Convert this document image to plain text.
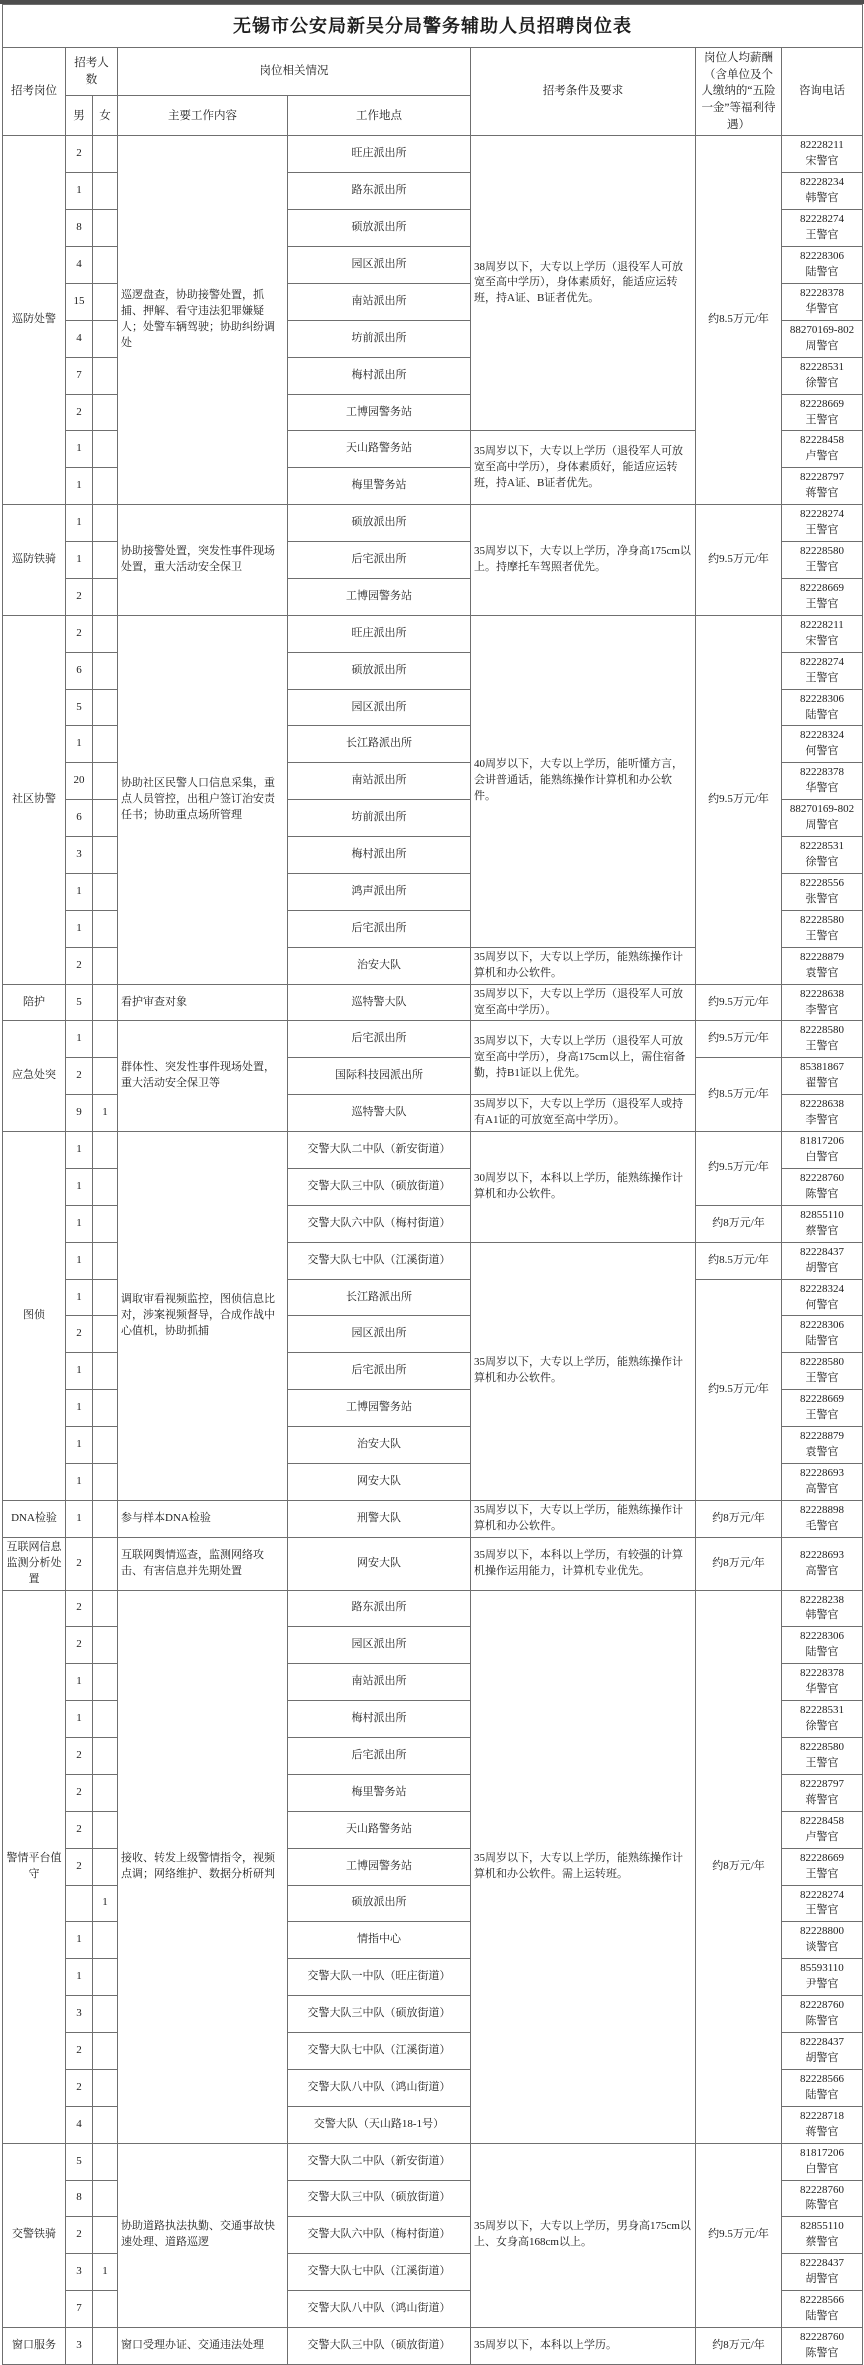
无锡市公安局新吴分局警务辅助人员招聘岗位表							
招考岗位	招考人数		岗位相关情况		招考条件及要求	岗位人均薪酬（含单位及个人缴纳的“五险一金”等福利待遇）	咨询电话
	男	女	主要工作内容	工作地点			
巡防处警	2		巡逻盘查，协助接警处置，抓捕、押解、看守违法犯罪嫌疑人；处警车辆驾驶；协助纠纷调处	旺庄派出所	38周岁以下，大专以上学历（退役军人可放宽至高中学历），身体素质好，能适应运转班，持A证、B证者优先。	约8.5万元/年	82228211
宋警官

	1			路东派出所			82228234
韩警官

	8			硕放派出所			82228274
王警官

	4			园区派出所			82228306
陆警官

	15			南站派出所			82228378
华警官

	4			坊前派出所			88270169-802
周警官

	7			梅村派出所			82228531
徐警官

	2			工博园警务站			82228669
王警官

	1			天山路警务站	35周岁以下，大专以上学历（退役军人可放宽至高中学历），身体素质好，能适应运转班，持A证、B证者优先。		82228458
卢警官

	1			梅里警务站			82228797
蒋警官

巡防铁骑	1		协助接警处置，突发性事件现场处置，重大活动安全保卫	硕放派出所	35周岁以下，大专以上学历，净身高175cm以上。持摩托车驾照者优先。	约9.5万元/年	82228274
王警官

	1			后宅派出所			82228580
王警官

	2			工博园警务站			82228669
王警官

社区协警	2		协助社区民警人口信息采集，重点人员管控，出租户签订治安责任书；协助重点场所管理	旺庄派出所	40周岁以下，大专以上学历，能听懂方言，会讲普通话，能熟练操作计算机和办公软件。	约9.5万元/年	82228211
宋警官

	6			硕放派出所			82228274
王警官

	5			园区派出所			82228306
陆警官

	1			长江路派出所			82228324
何警官

	20			南站派出所			82228378
华警官

	6			坊前派出所			88270169-802
周警官

	3			梅村派出所			82228531
徐警官

	1			鸿声派出所			82228556
张警官

	1			后宅派出所			82228580
王警官

	2			治安大队	35周岁以下，大专以上学历，能熟练操作计算机和办公软件。		82228879
袁警官

陪护	5		看护审查对象	巡特警大队	35周岁以下，大专以上学历（退役军人可放宽至高中学历）。	约9.5万元/年	82228638
李警官

应急处突	1		群体性、突发性事件现场处置，重大活动安全保卫等	后宅派出所	35周岁以下，大专以上学历（退役军人可放宽至高中学历），身高175cm以上，需住宿备勤，持B1证以上优先。	约9.5万元/年	82228580
王警官

	2			国际科技园派出所		约8.5万元/年	85381867
翟警官

	9	1		巡特警大队	35周岁以下，大专以上学历（退役军人或持有A1证的可放宽至高中学历）。		82228638
李警官

图侦	1		调取审看视频监控，图侦信息比对，涉案视频督导，合成作战中心值机，协助抓捕	交警大队二中队（新安街道）	30周岁以下，本科以上学历，能熟练操作计算机和办公软件。	约9.5万元/年	81817206
白警官

	1			交警大队三中队（硕放街道）			82228760
陈警官

	1			交警大队六中队（梅村街道）		约8万元/年	82855110
蔡警官

	1			交警大队七中队（江溪街道）	35周岁以下，大专以上学历，能熟练操作计算机和办公软件。	约8.5万元/年	82228437
胡警官

	1			长江路派出所		约9.5万元/年	82228324
何警官

	2			园区派出所			82228306
陆警官

	1			后宅派出所			82228580
王警官

	1			工博园警务站			82228669
王警官

	1			治安大队			82228879
袁警官

	1			网安大队			82228693
高警官

DNA检验	1		参与样本DNA检验	刑警大队	35周岁以下，大专以上学历，能熟练操作计算机和办公软件。	约8万元/年	82228898
毛警官

互联网信息监测分析处置	2		互联网舆情巡查，监测网络攻击、有害信息并先期处置	网安大队	35周岁以下，本科以上学历，有较强的计算机操作运用能力，计算机专业优先。	约8万元/年	82228693
高警官

警情平台值守	2		接收、转发上级警情指令，视频点调；网络维护、数据分析研判	路东派出所	35周岁以下，大专以上学历，能熟练操作计算机和办公软件。需上运转班。	约8万元/年	82228238
韩警官

	2			园区派出所			82228306
陆警官

	1			南站派出所			82228378
华警官

	1			梅村派出所			82228531
徐警官

	2			后宅派出所			82228580
王警官

	2			梅里警务站			82228797
蒋警官

	2			天山路警务站			82228458
卢警官

	2			工博园警务站			82228669
王警官

		1		硕放派出所			82228274
王警官

	1			情指中心			82228800
谈警官

	1			交警大队一中队（旺庄街道）			85593110
尹警官

	3			交警大队三中队（硕放街道）			82228760
陈警官

	2			交警大队七中队（江溪街道）			82228437
胡警官

	2			交警大队八中队（鸿山街道）			82228566
陆警官

	4			交警大队（天山路18-1号）			82228718
蒋警官

交警铁骑	5		协助道路执法执勤、交通事故快速处理、道路巡逻	交警大队二中队（新安街道）	35周岁以下，大专以上学历，男身高175cm以上、女身高168cm以上。	约9.5万元/年	81817206
白警官

	8			交警大队三中队（硕放街道）			82228760
陈警官

	2			交警大队六中队（梅村街道）			82855110
蔡警官

	3	1		交警大队七中队（江溪街道）			82228437
胡警官

	7			交警大队八中队（鸿山街道）			82228566
陆警官

窗口服务	3		窗口受理办证、交通违法处理	交警大队三中队（硕放街道）	35周岁以下，本科以上学历。	约8万元/年	82228760
陈警官
